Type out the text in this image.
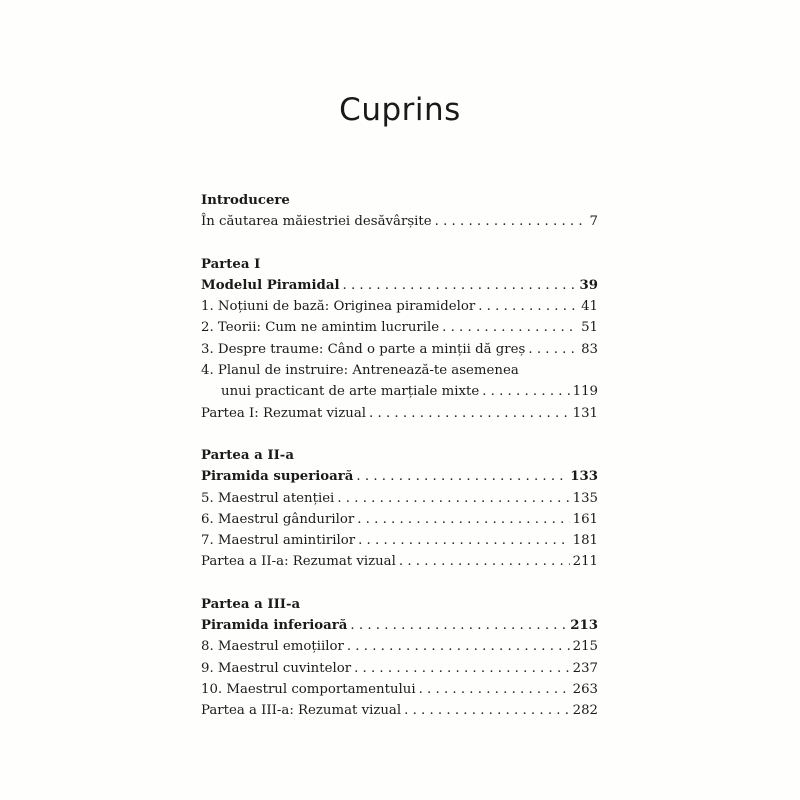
Cuprins
Introducere
În căutarea măiestriei desăvârșite . . .	7
Partea I
Modelul Piramidal . . .	39
1. Noțiuni de bază: Originea piramidelor . . .	41
2. Teorii: Cum ne amintim lucrurile . . .	51
3. Despre traume: Când o parte a minții dă greș . . .	83
4. Planul de instruire: Antrenează-te asemenea
unui practicant de arte marțiale mixte . . .	119
Partea I: Rezumat vizual . . .	131
Partea a II-a
Piramida superioară . . .	133
5. Maestrul atenției . . .	135
6. Maestrul gândurilor . . .	161
7. Maestrul amintirilor . . .	181
Partea a II-a: Rezumat vizual . . .	211
Partea a III-a
Piramida inferioară . . .	213
8. Maestrul emoțiilor . . .	215
9. Maestrul cuvintelor . . .	237
10. Maestrul comportamentului . . .	263
Partea a III-a: Rezumat vizual . . .	282
